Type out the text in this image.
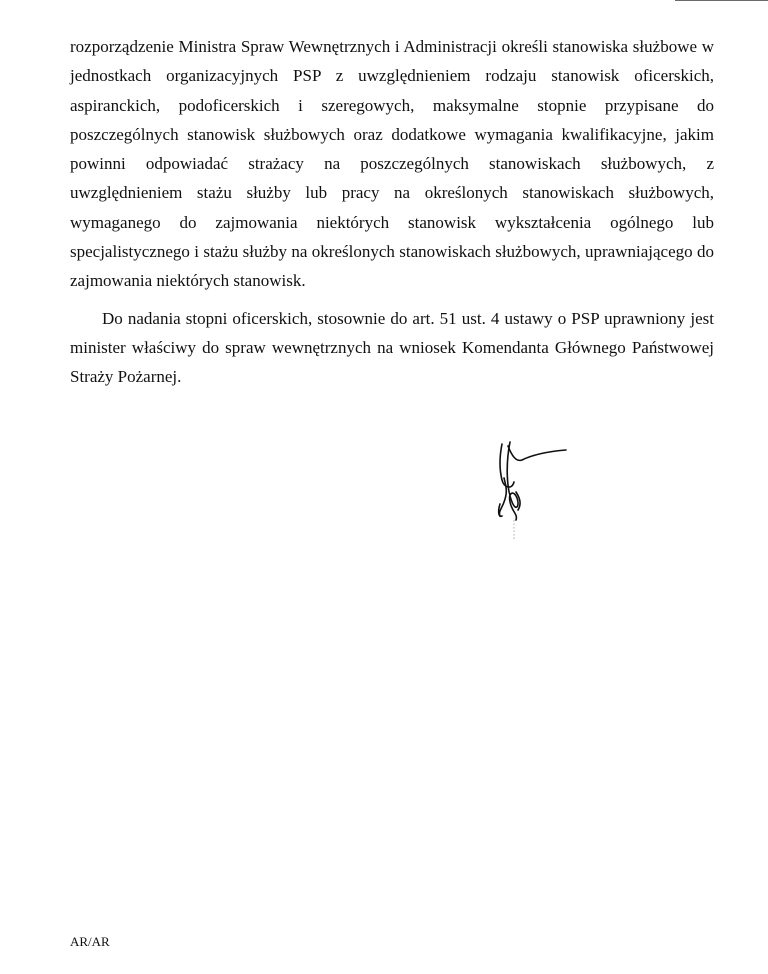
rozporządzenie Ministra Spraw Wewnętrznych i Administracji określi stanowiska służbowe w jednostkach organizacyjnych PSP z uwzględnieniem rodzaju stanowisk oficerskich, aspiranckich, podoficerskich i szeregowych, maksymalne stopnie przypisane do poszczególnych stanowisk służbowych oraz dodatkowe wymagania kwalifikacyjne, jakim powinni odpowiadać strażacy na poszczególnych stanowiskach służbowych, z uwzględnieniem stażu służby lub pracy na określonych stanowiskach służbowych, wymaganego do zajmowania niektórych stanowisk wykształcenia ogólnego lub specjalistycznego i stażu służby na określonych stanowiskach służbowych, uprawniającego do zajmowania niektórych stanowisk.

Do nadania stopni oficerskich, stosownie do art. 51 ust. 4 ustawy o PSP uprawniony jest minister właściwy do spraw wewnętrznych na wniosek Komendanta Głównego Państwowej Straży Pożarnej.

AR/AR
